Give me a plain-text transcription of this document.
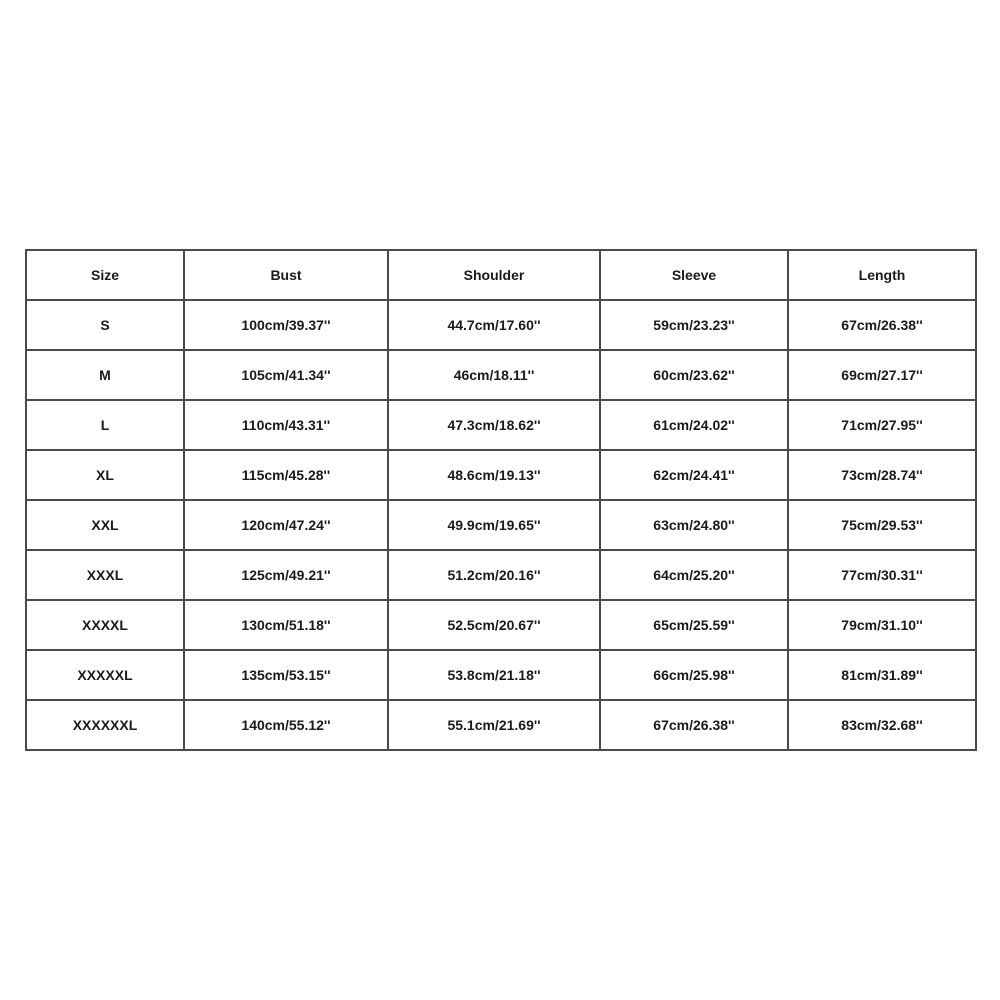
Size	Bust	Shoulder	Sleeve	Length
S	100cm/39.37''	44.7cm/17.60''	59cm/23.23''	67cm/26.38''
M	105cm/41.34''	46cm/18.11''	60cm/23.62''	69cm/27.17''
L	110cm/43.31''	47.3cm/18.62''	61cm/24.02''	71cm/27.95''
XL	115cm/45.28''	48.6cm/19.13''	62cm/24.41''	73cm/28.74''
XXL	120cm/47.24''	49.9cm/19.65''	63cm/24.80''	75cm/29.53''
XXXL	125cm/49.21''	51.2cm/20.16''	64cm/25.20''	77cm/30.31''
XXXXL	130cm/51.18''	52.5cm/20.67''	65cm/25.59''	79cm/31.10''
XXXXXL	135cm/53.15''	53.8cm/21.18''	66cm/25.98''	81cm/31.89''
XXXXXXL	140cm/55.12''	55.1cm/21.69''	67cm/26.38''	83cm/32.68''
